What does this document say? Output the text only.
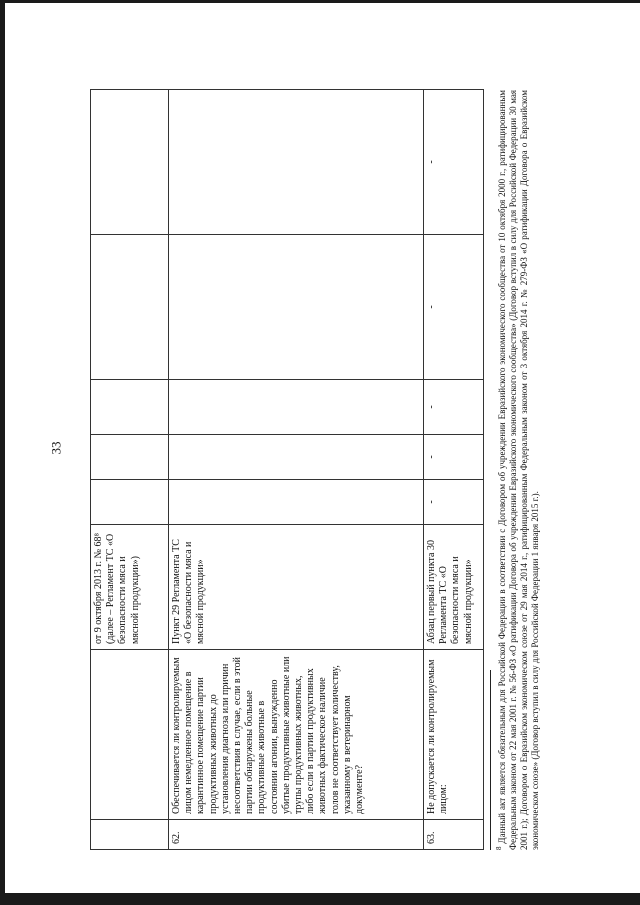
33
		от 9 октября 2013 г. № 68⁸ (далее – Регламент ТС «О безопасности мяса и мясной продукции»)					
62.	Обеспечивается ли контролируемым лицом немедленное помещение в карантинное помещение партии продуктивных животных до установления диагноза или причин несоответствия в случае, если в этой партии обнаружены больные продуктивные животные в состоянии агонии, вынужденно убитые продуктивные животные или трупы продуктивных животных, либо если в партии продуктивных животных фактическое наличие голов не соответствует количеству, указанному в ветеринарном документе?	Пункт 29 Регламента ТС «О безопасности мяса и мясной продукции»					
63.	Не допускается ли контролируемым лицом:	Абзац первый пункта 30 Регламента ТС «О безопасности мяса и мясной продукции»	-	-	-	-	-
$^8$ Данный акт является обязательным для Российской Федерации в соответствии с Договором об учреждении Евразийского экономического сообщества от 10 октября 2000 г., ратифицированным Федеральным законом от 22 мая 2001 г. № 56-ФЗ «О ратификации Договора об учреждении Евразийского экономического сообщества» (Договор вступил в силу для Российской Федерации 30 мая 2001 г.); Договором о Евразийском экономическом союзе от 29 мая 2014 г., ратифицированным Федеральным законом от 3 октября 2014 г. № 279-ФЗ «О ратификации Договора о Евразийском экономическом союзе» (Договор вступил в силу для Российской Федерации 1 января 2015 г.).
